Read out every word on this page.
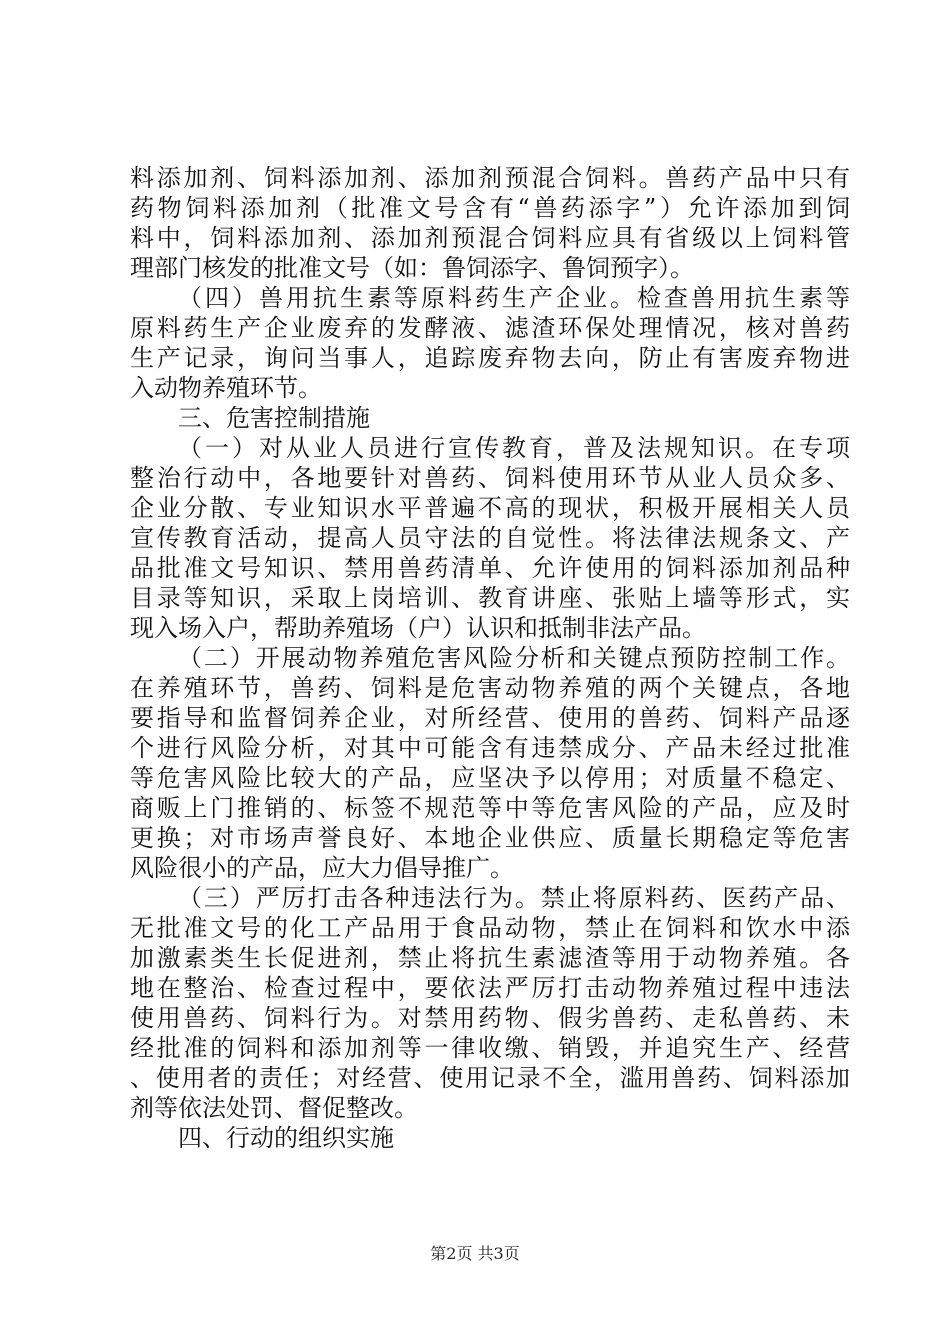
料添加剂、饲料添加剂、添加剂预混合饲料。兽药产品中只有
药物饲料添加剂（批准文号含有“兽药添字”）允许添加到饲
料中，饲料添加剂、添加剂预混合饲料应具有省级以上饲料管
理部门核发的批准文号（如：鲁饲添字、鲁饲预字）。
（四）兽用抗生素等原料药生产企业。检查兽用抗生素等
原料药生产企业废弃的发酵液、滤渣环保处理情况，核对兽药
生产记录，询问当事人，追踪废弃物去向，防止有害废弃物进
入动物养殖环节。
三、危害控制措施
（一）对从业人员进行宣传教育，普及法规知识。在专项
整治行动中，各地要针对兽药、饲料使用环节从业人员众多、
企业分散、专业知识水平普遍不高的现状，积极开展相关人员
宣传教育活动，提高人员守法的自觉性。将法律法规条文、产
品批准文号知识、禁用兽药清单、允许使用的饲料添加剂品种
目录等知识，采取上岗培训、教育讲座、张贴上墙等形式，实
现入场入户，帮助养殖场（户）认识和抵制非法产品。
（二）开展动物养殖危害风险分析和关键点预防控制工作。
在养殖环节，兽药、饲料是危害动物养殖的两个关键点，各地
要指导和监督饲养企业，对所经营、使用的兽药、饲料产品逐
个进行风险分析，对其中可能含有违禁成分、产品未经过批准
等危害风险比较大的产品，应坚决予以停用；对质量不稳定、
商贩上门推销的、标签不规范等中等危害风险的产品，应及时
更换；对市场声誉良好、本地企业供应、质量长期稳定等危害
风险很小的产品，应大力倡导推广。
（三）严厉打击各种违法行为。禁止将原料药、医药产品、
无批准文号的化工产品用于食品动物，禁止在饲料和饮水中添
加激素类生长促进剂，禁止将抗生素滤渣等用于动物养殖。各
地在整治、检查过程中，要依法严厉打击动物养殖过程中违法
使用兽药、饲料行为。对禁用药物、假劣兽药、走私兽药、未
经批准的饲料和添加剂等一律收缴、销毁，并追究生产、经营
、使用者的责任；对经营、使用记录不全，滥用兽药、饲料添加
剂等依法处罚、督促整改。
四、行动的组织实施
第2页 共3页
